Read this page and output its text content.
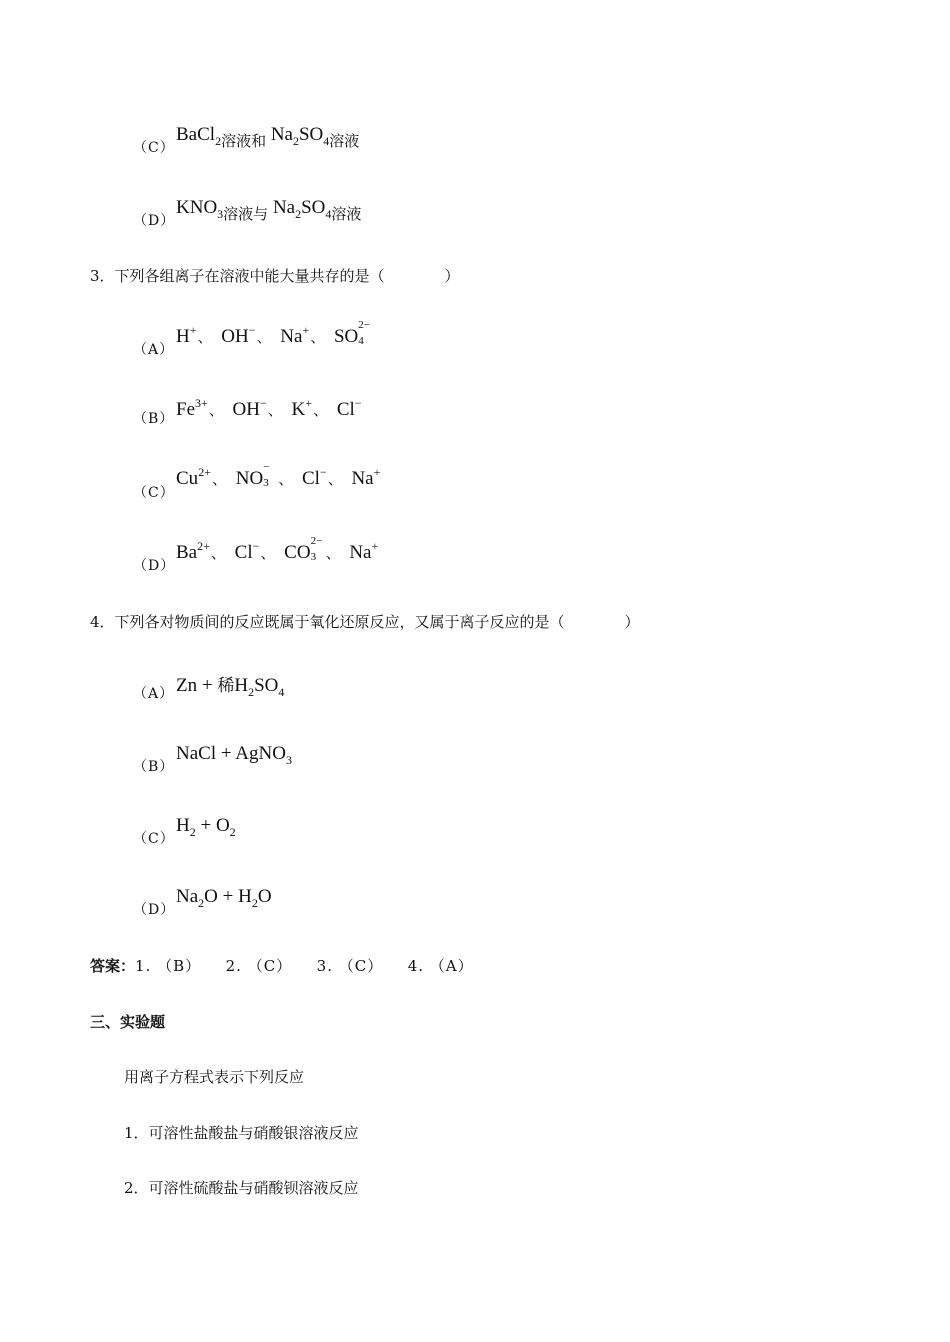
（C）
BaCl$_{2溶液和}$ $Na_2SO_{4溶液}$
（D）
$KNO_{3溶液与}$ $Na_2SO_{4溶液}$
3．下列各组离子在溶液中能大量共存的是（　　　　）
（A）
H+、 OH−、 Na+、 SO
2−
4
（B） $Fe^{3+}$、 OH−、 K+、 Cl−
（C）
$Cu^{2+}$、 NO
−
3 、 Cl−、 Na+
（D）
$Ba^{2+}$、 Cl−、 CO
2−
3 、 Na+
4．下列各对物质间的反应既属于氧化还原反应，又属于离子反应的是（　　　　）
（A） Zn + 稀$H_2SO_4$
（B）
NaCl + AgNO$_3$
（C）
$H_2 + O_2$
（D）
$Na_2O + H_2O$
答案：1. （B）　　2. （C）　　3. （C）　　4. （A）
三、实验题
用离子方程式表示下列反应
1．可溶性盐酸盐与硝酸银溶液反应
2．可溶性硫酸盐与硝酸钡溶液反应
